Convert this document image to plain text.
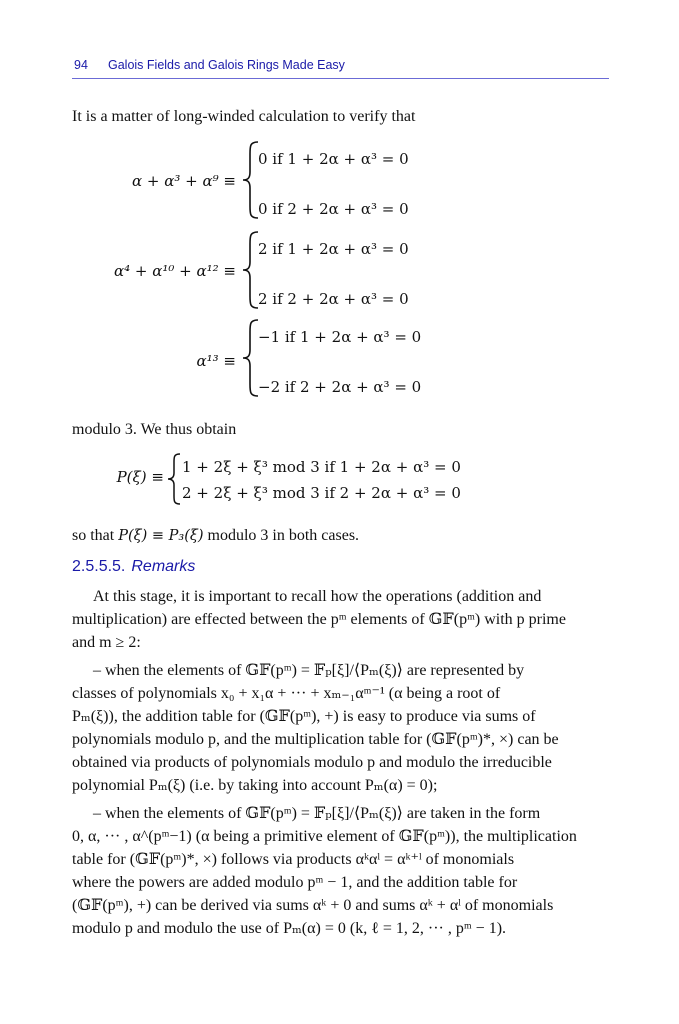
94 Galois Fields and Galois Rings Made Easy
It is a matter of long-winded calculation to verify that
α + α³ + α⁹ ≡
0 if 1 + 2α + α³ = 0
0 if 2 + 2α + α³ = 0
α⁴ + α¹⁰ + α¹² ≡
2 if 1 + 2α + α³ = 0
2 if 2 + 2α + α³ = 0
α¹³ ≡
−1 if 1 + 2α + α³ = 0
−2 if 2 + 2α + α³ = 0
modulo 3. We thus obtain
P(ξ) ≡
1 + 2ξ + ξ³ mod 3 if 1 + 2α + α³ = 0
2 + 2ξ + ξ³ mod 3 if 2 + 2α + α³ = 0
so that P(ξ) ≡ P₃(ξ) modulo 3 in both cases.
2.5.5.5. Remarks
At this stage, it is important to recall how the operations (addition and
multiplication) are effected between the pᵐ elements of 𝔾𝔽(pᵐ) with p prime
and m ≥ 2:
– when the elements of 𝔾𝔽(pᵐ) = 𝔽ₚ[ξ]/⟨Pₘ(ξ)⟩ are represented by
classes of polynomials x₀ + x₁α + ··· + xₘ₋₁αᵐ⁻¹ (α being a root of
Pₘ(ξ)), the addition table for (𝔾𝔽(pᵐ), +) is easy to produce via sums of
polynomials modulo p, and the multiplication table for (𝔾𝔽(pᵐ)*, ×) can be
obtained via products of polynomials modulo p and modulo the irreducible
polynomial Pₘ(ξ) (i.e. by taking into account Pₘ(α) = 0);
– when the elements of 𝔾𝔽(pᵐ) = 𝔽ₚ[ξ]/⟨Pₘ(ξ)⟩ are taken in the form
0, α, ··· , α^(pᵐ−1) (α being a primitive element of 𝔾𝔽(pᵐ)), the multiplication
table for (𝔾𝔽(pᵐ)*, ×) follows via products αᵏαˡ = αᵏ⁺ˡ of monomials
where the powers are added modulo pᵐ − 1, and the addition table for
(𝔾𝔽(pᵐ), +) can be derived via sums αᵏ + 0 and sums αᵏ + αˡ of monomials
modulo p and modulo the use of Pₘ(α) = 0 (k, ℓ = 1, 2, ··· , pᵐ − 1).
